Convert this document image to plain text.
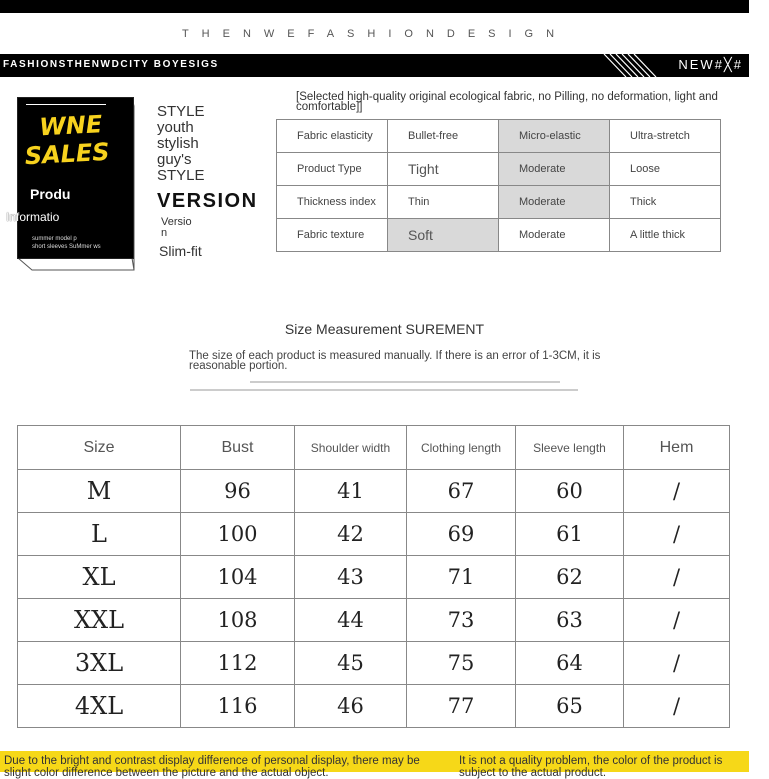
THENWEFASHIONDESIGN
FASHIONSTHENWDCITY BOYESIGS	NEW#╳#
WNE
SALES
Produ
Informatio
summer model p
short sleeves SuMmer ws
STYLE
youth
stylish
guy's
STYLE
VERSION
Versio
n
Slim-fit
[Selected high-quality original ecological fabric, no Pilling, no deformation, light and comfortable]]
Fabric elasticity	Bullet-free	Micro-elastic	Ultra-stretch
Product Type	Tight	Moderate	Loose
Thickness index	Thin	Moderate	Thick
Fabric texture	Soft	Moderate	A little thick
Size Measurement SUREMENT
The size of each product is measured manually. If there is an error of 1-3CM, it is reasonable portion.
Size	Bust	Shoulder width	Clothing length	Sleeve length	Hem
M	96	41	67	60	/
L	100	42	69	61	/
XL	104	43	71	62	/
XXL	108	44	73	63	/
3XL	112	45	75	64	/
4XL	116	46	77	65	/
Due to the bright and contrast display difference of personal display, there may be slight color difference between the picture and the actual object.
It is not a quality problem, the color of the product is subject to the actual product.
